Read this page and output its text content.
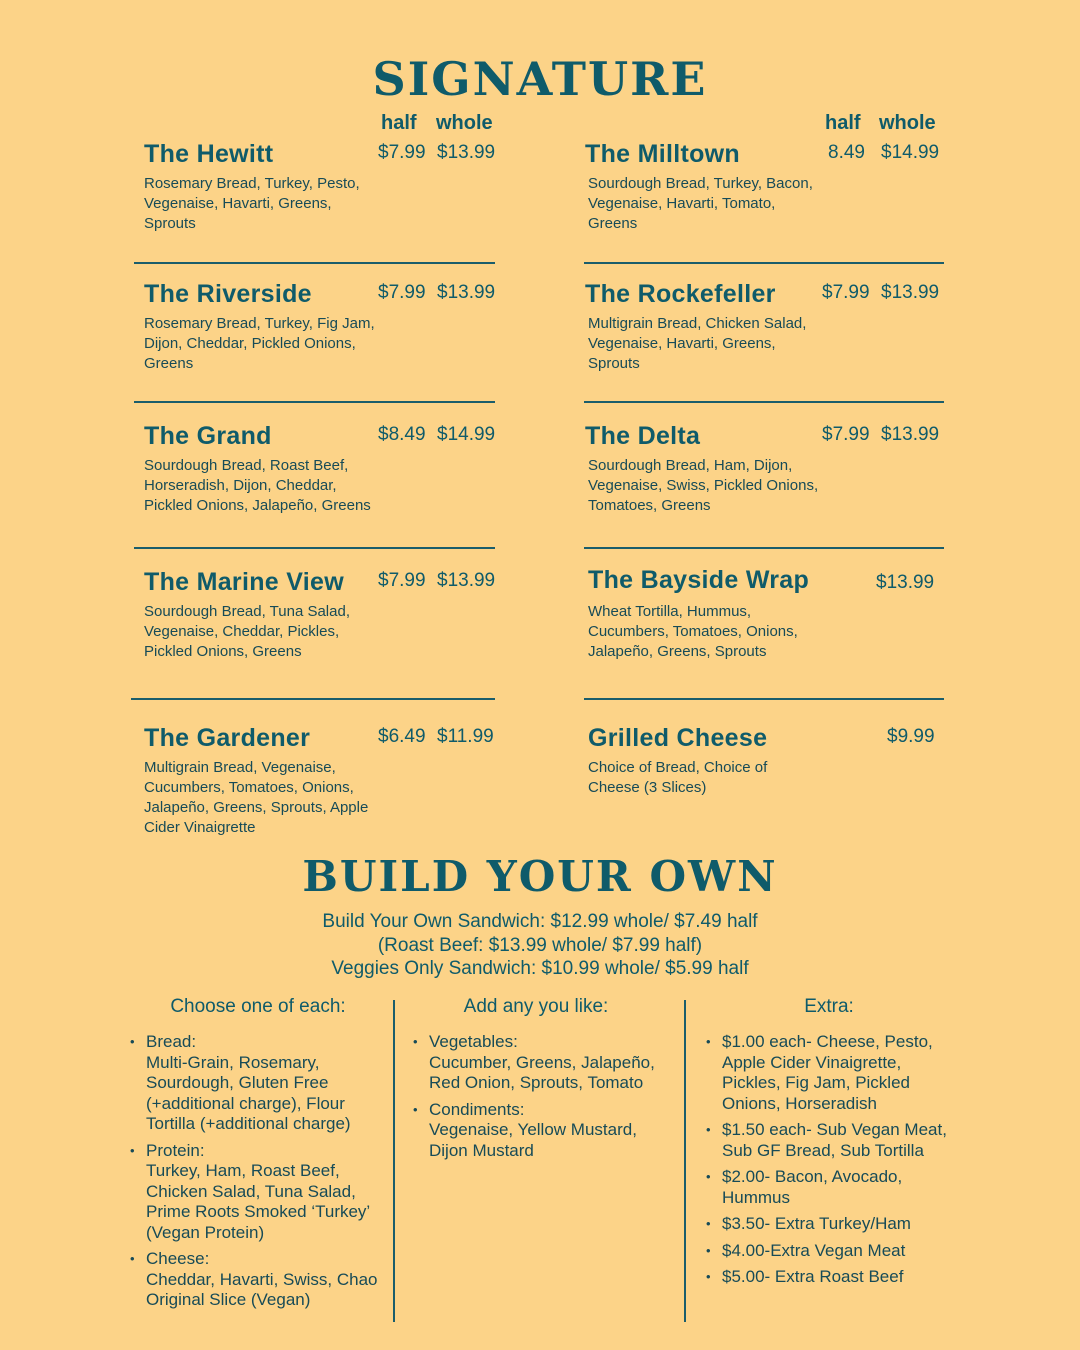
SIGNATURE
half whole	half whole
The Hewitt	$7.99 $13.99
Rosemary Bread, Turkey, Pesto, Vegenaise, Havarti, Greens, Sprouts
The Riverside	$7.99 $13.99
Rosemary Bread, Turkey, Fig Jam, Dijon, Cheddar, Pickled Onions, Greens
The Grand	$8.49 $14.99
Sourdough Bread, Roast Beef, Horseradish, Dijon, Cheddar, Pickled Onions, Jalapeño, Greens
The Marine View $7.99 $13.99
Sourdough Bread, Tuna Salad, Vegenaise, Cheddar, Pickles, Pickled Onions, Greens
The Gardener	$6.49 $11.99
Multigrain Bread, Vegenaise, Cucumbers, Tomatoes, Onions, Jalapeño, Greens, Sprouts, Apple Cider Vinaigrette
The Milltown	8.49 $14.99
Sourdough Bread, Turkey, Bacon, Vegenaise, Havarti, Tomato, Greens
The Rockefeller $7.99 $13.99
Multigrain Bread, Chicken Salad, Vegenaise, Havarti, Greens, Sprouts
The Delta	$7.99 $13.99
Sourdough Bread, Ham, Dijon, Vegenaise, Swiss, Pickled Onions, Tomatoes, Greens
The Bayside Wrap	$13.99
Wheat Tortilla, Hummus, Cucumbers, Tomatoes, Onions, Jalapeño, Greens, Sprouts
Grilled Cheese	$9.99
Choice of Bread, Choice of Cheese (3 Slices)
BUILD YOUR OWN
Build Your Own Sandwich: $12.99 whole/ $7.49 half
(Roast Beef: $13.99 whole/ $7.99 half)
Veggies Only Sandwich: $10.99 whole/ $5.99 half
Choose one of each:
• Bread:
Multi-Grain, Rosemary, Sourdough, Gluten Free (+additional charge), Flour Tortilla (+additional charge)
• Protein:
Turkey, Ham, Roast Beef, Chicken Salad, Tuna Salad, Prime Roots Smoked ‘Turkey’ (Vegan Protein)
• Cheese:
Cheddar, Havarti, Swiss, Chao Original Slice (Vegan)
Add any you like:
• Vegetables:
Cucumber, Greens, Jalapeño, Red Onion, Sprouts, Tomato
• Condiments:
Vegenaise, Yellow Mustard, Dijon Mustard
Extra:
• $1.00 each- Cheese, Pesto, Apple Cider Vinaigrette, Pickles, Fig Jam, Pickled Onions, Horseradish
• $1.50 each- Sub Vegan Meat, Sub GF Bread, Sub Tortilla
• $2.00- Bacon, Avocado, Hummus
• $3.50- Extra Turkey/Ham
• $4.00-Extra Vegan Meat
• $5.00- Extra Roast Beef
